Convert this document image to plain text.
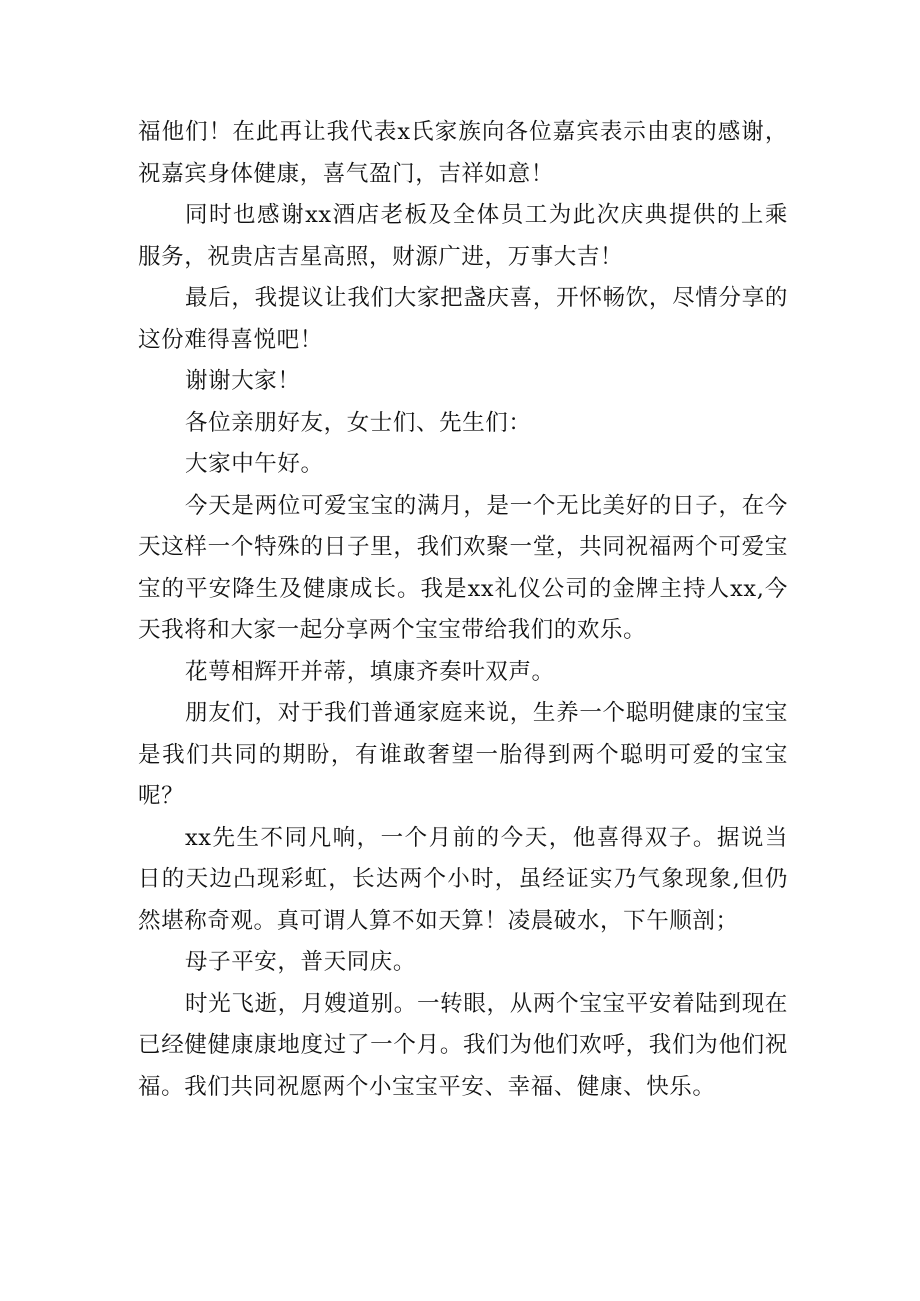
福他们！在此再让我代表x氏家族向各位嘉宾表示由衷的感谢，祝嘉宾身体健康，喜气盈门，吉祥如意！

同时也感谢xx酒店老板及全体员工为此次庆典提供的上乘服务，祝贵店吉星高照，财源广进，万事大吉！

最后，我提议让我们大家把盏庆喜，开怀畅饮，尽情分享的这份难得喜悦吧！

谢谢大家！

各位亲朋好友，女士们、先生们：

大家中午好。

今天是两位可爱宝宝的满月，是一个无比美好的日子，在今天这样一个特殊的日子里，我们欢聚一堂，共同祝福两个可爱宝宝的平安降生及健康成长。我是xx礼仪公司的金牌主持人xx,今天我将和大家一起分享两个宝宝带给我们的欢乐。

花萼相辉开并蒂，填康齐奏叶双声。

朋友们，对于我们普通家庭来说，生养一个聪明健康的宝宝是我们共同的期盼，有谁敢奢望一胎得到两个聪明可爱的宝宝呢？

xx先生不同凡响，一个月前的今天，他喜得双子。据说当日的天边凸现彩虹，长达两个小时，虽经证实乃气象现象,但仍然堪称奇观。真可谓人算不如天算！凌晨破水，下午顺剖；

母子平安，普天同庆。

时光飞逝，月嫂道别。一转眼，从两个宝宝平安着陆到现在已经健健康康地度过了一个月。我们为他们欢呼，我们为他们祝福。我们共同祝愿两个小宝宝平安、幸福、健康、快乐。
